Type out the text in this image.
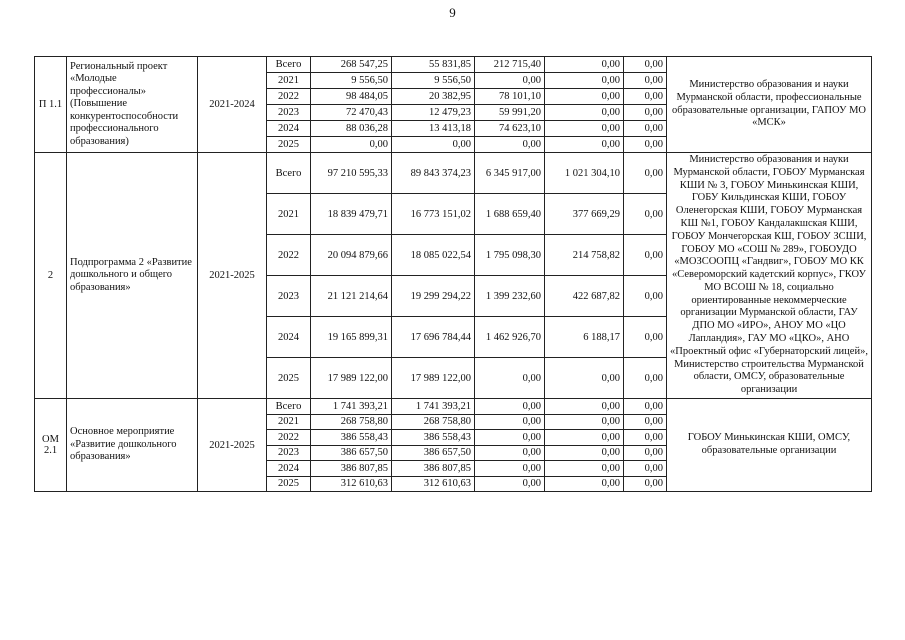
9
П 1.1	Региональный проект «Молодые профессионалы» (Повышение конкурентоспособности профессионального образования)	2021-2024	Всего	268 547,25	55 831,85	212 715,40	0,00	0,00	Министерство образования и науки Мурманской области, профессиональные образовательные организации, ГАПОУ МО «МСК»
			2021	9 556,50	9 556,50	0,00	0,00	0,00	
			2022	98 484,05	20 382,95	78 101,10	0,00	0,00	
			2023	72 470,43	12 479,23	59 991,20	0,00	0,00	
			2024	88 036,28	13 413,18	74 623,10	0,00	0,00	
			2025	0,00	0,00	0,00	0,00	0,00	
2	Подпрограмма 2 «Развитие дошкольного и общего образования»	2021-2025	Всего	97 210 595,33	89 843 374,23	6 345 917,00	1 021 304,10	0,00	Министерство образования и науки Мурманской области, ГОБОУ Мурманская КШИ № 3, ГОБОУ Минькинская КШИ, ГОБУ Кильдинская КШИ, ГОБОУ Оленегорская КШИ, ГОБОУ Мурманская КШ №1, ГОБОУ Кандалакшская КШИ, ГОБОУ Мончегорская КШ, ГОБОУ ЗСШИ, ГОБОУ МО «СОШ № 289», ГОБОУДО «МОЗСООПЦ «Гандвиг», ГОБОУ МО КК «Североморский кадетский корпус», ГКОУ МО ВСОШ № 18, социально ориентированные некоммерческие организации Мурманской области, ГАУ ДПО МО «ИРО», АНОУ МО «ЦО Лапландия», ГАУ МО «ЦКО», АНО «Проектный офис «Губернаторский лицей», Министерство строительства Мурманской области, ОМСУ, образовательные организации
			2021	18 839 479,71	16 773 151,02	1 688 659,40	377 669,29	0,00	
			2022	20 094 879,66	18 085 022,54	1 795 098,30	214 758,82	0,00	
			2023	21 121 214,64	19 299 294,22	1 399 232,60	422 687,82	0,00	
			2024	19 165 899,31	17 696 784,44	1 462 926,70	6 188,17	0,00	
			2025	17 989 122,00	17 989 122,00	0,00	0,00	0,00	
ОМ 2.1	Основное мероприятие «Развитие дошкольного образования»	2021-2025	Всего	1 741 393,21	1 741 393,21	0,00	0,00	0,00	ГОБОУ Минькинская КШИ, ОМСУ, образовательные организации
			2021	268 758,80	268 758,80	0,00	0,00	0,00	
			2022	386 558,43	386 558,43	0,00	0,00	0,00	
			2023	386 657,50	386 657,50	0,00	0,00	0,00	
			2024	386 807,85	386 807,85	0,00	0,00	0,00	
			2025	312 610,63	312 610,63	0,00	0,00	0,00	
